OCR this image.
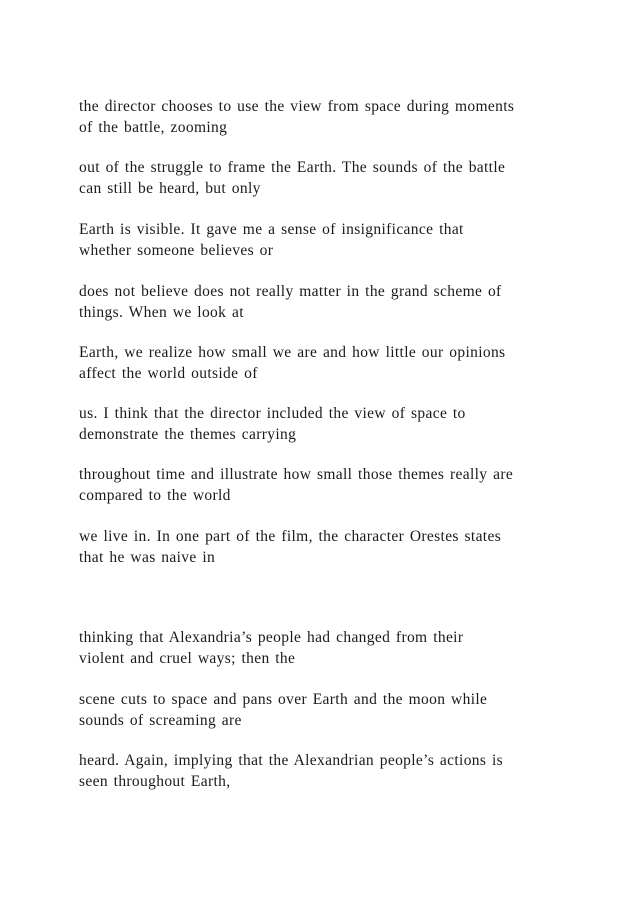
the director chooses to use the view from space during moments
of the battle, zooming

out of the struggle to frame the Earth. The sounds of the battle
can still be heard, but only

Earth is visible. It gave me a sense of insignificance that
whether someone believes or

does not believe does not really matter in the grand scheme of
things. When we look at

Earth, we realize how small we are and how little our opinions
affect the world outside of

us. I think that the director included the view of space to
demonstrate the themes carrying

throughout time and illustrate how small those themes really are
compared to the world

we live in. In one part of the film, the character Orestes states
that he was naive in

thinking that Alexandria’s people had changed from their
violent and cruel ways; then the

scene cuts to space and pans over Earth and the moon while
sounds of screaming are

heard. Again, implying that the Alexandrian people’s actions is
seen throughout Earth,
